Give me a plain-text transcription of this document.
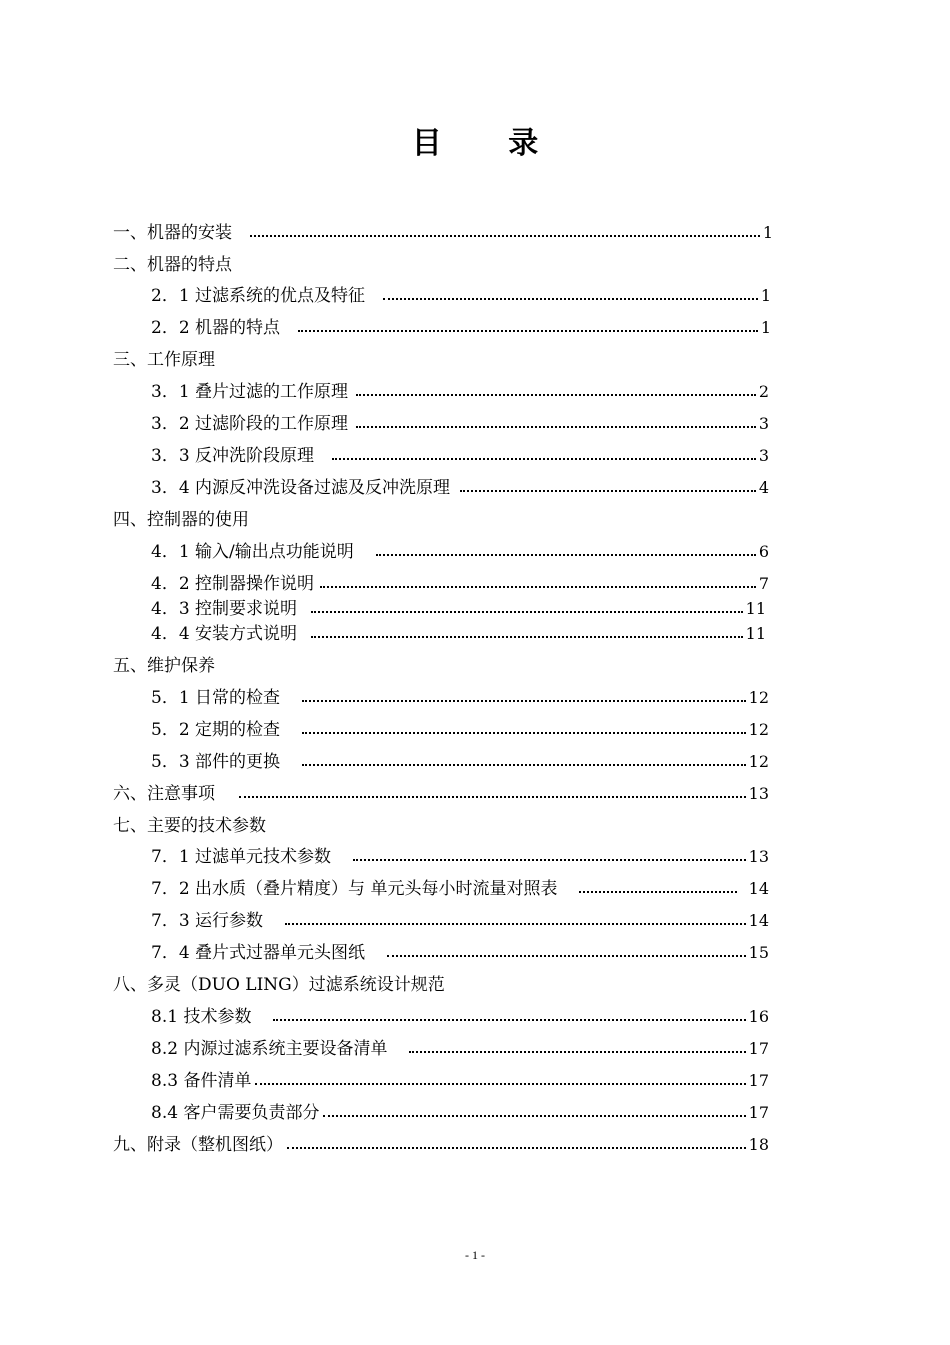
目 录
一、机器的安装	1
二、机器的特点
2．1 过滤系统的优点及特征	1
2．2 机器的特点	1
三、工作原理
3．1 叠片过滤的工作原理	2
3．2 过滤阶段的工作原理	3
3．3 反冲洗阶段原理	3
3．4 内源反冲洗设备过滤及反冲洗原理	4
四、控制器的使用
4．1 输入/输出点功能说明	6
4．2 控制器操作说明	7
4．3 控制要求说明	11
4．4 安装方式说明	11
五、维护保养
5．1 日常的检查	12
5．2 定期的检查	12
5．3 部件的更换	12
六、注意事项	13
七、主要的技术参数
7．1 过滤单元技术参数	13
7．2 出水质（叠片精度）与 单元头每小时流量对照表	14
7．3 运行参数	14
7．4 叠片式过器单元头图纸	15
八、多灵（DUO LING）过滤系统设计规范
8.1 技术参数	16
8.2 内源过滤系统主要设备清单	17
8.3 备件清单	17
8.4 客户需要负责部分	17
九、附录（整机图纸）	18
- 1 -
